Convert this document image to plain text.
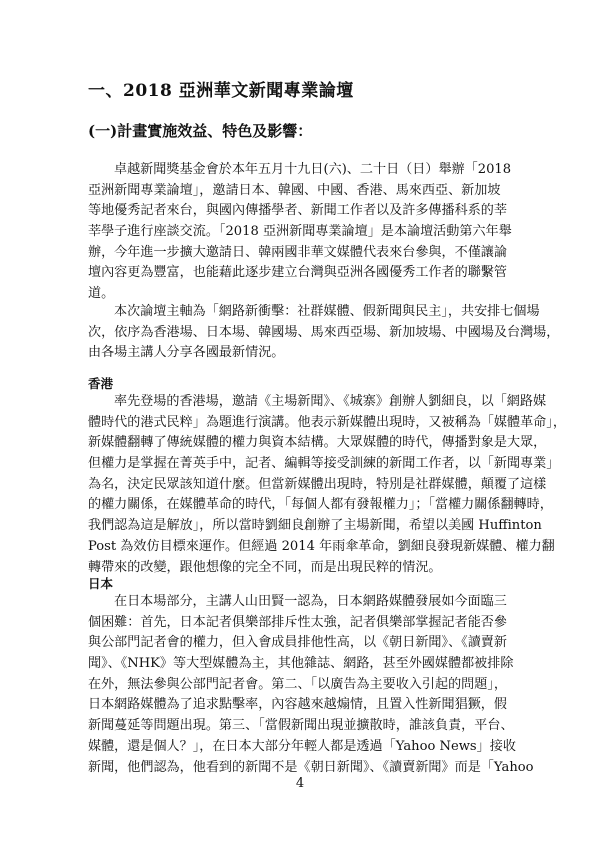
一、2018 亞洲華文新聞專業論壇
(一)計畫實施效益、特色及影響：
卓越新聞獎基金會於本年五月十九日(六)、二十日（日）舉辦「2018
亞洲新聞專業論壇」，邀請日本、韓國、中國、香港、馬來西亞、新加坡
等地優秀記者來台，與國內傳播學者、新聞工作者以及許多傳播科系的莘
莘學子進行座談交流。「2018 亞洲新聞專業論壇」是本論壇活動第六年舉
辦，今年進一步擴大邀請日、韓兩國非華文媒體代表來台參與，不僅讓論
壇內容更為豐富，也能藉此逐步建立台灣與亞洲各國優秀工作者的聯繫管
道。
本次論壇主軸為「網路新衝擊：社群媒體、假新聞與民主」，共安排七個場
次，依序為香港場、日本場、韓國場、馬來西亞場、新加坡場、中國場及台灣場，
由各場主講人分享各國最新情況。
香港
率先登場的香港場，邀請《主場新聞》、《城寨》創辦人劉細良，以「網路媒
體時代的港式民粹」為題進行演講。他表示新媒體出現時，又被稱為「媒體革命」，
新媒體翻轉了傳統媒體的權力與資本結構。大眾媒體的時代，傳播對象是大眾，
但權力是掌握在菁英手中，記者、編輯等接受訓練的新聞工作者，以「新聞專業」
為名，決定民眾該知道什麼。但當新媒體出現時，特別是社群媒體，顛覆了這樣
的權力關係，在媒體革命的時代，「每個人都有發報權力」；「當權力關係翻轉時，
我們認為這是解放」，所以當時劉細良創辦了主場新聞，希望以美國 Huffinton
Post 為效仿目標來運作。但經過 2014 年雨傘革命，劉細良發現新媒體、權力翻
轉帶來的改變，跟他想像的完全不同，而是出現民粹的情況。
日本
在日本場部分，主講人山田賢一認為，日本網路媒體發展如今面臨三
個困難：首先，日本記者俱樂部排斥性太強，記者俱樂部掌握記者能否參
與公部門記者會的權力，但入會成員排他性高，以《朝日新聞》、《讀賣新
聞》、《NHK》等大型媒體為主，其他雜誌、網路，甚至外國媒體都被排除
在外，無法參與公部門記者會。第二、「以廣告為主要收入引起的問題」，
日本網路媒體為了追求點擊率，內容越來越煽情，且置入性新聞猖獗，假
新聞蔓延等問題出現。第三、「當假新聞出現並擴散時，誰該負責，平台、
媒體，還是個人？」，在日本大部分年輕人都是透過「Yahoo News」接收
新聞，他們認為，他看到的新聞不是《朝日新聞》、《讀賣新聞》而是「Yahoo
4
